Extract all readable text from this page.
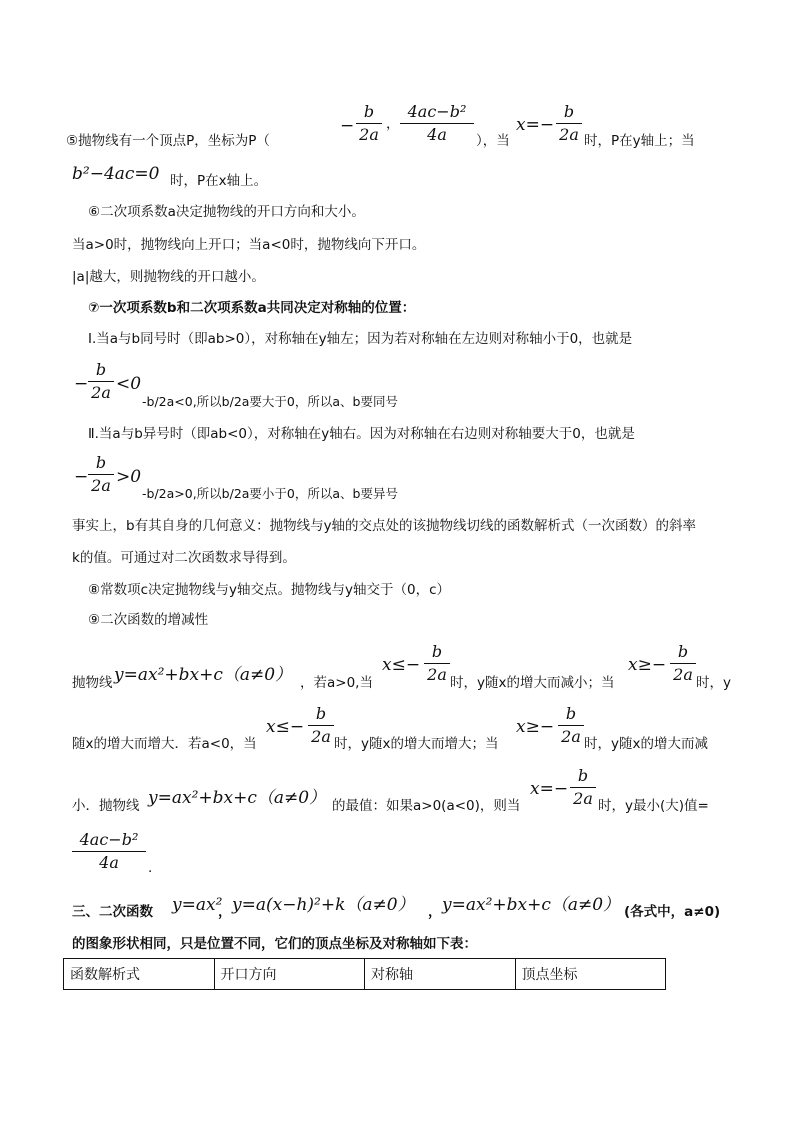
⑤抛物线有一个顶点P，坐标为P（
− $\frac{b}{2a}$ ， $\frac{\text{4ac−b²}}{4a}$ ），当
$x=- \frac{b}{2a}$ 时，P在y轴上；当
b²−4ac=0 时，P在x轴上。
⑥二次项系数a决定抛物线的开口方向和大小。
当a>0时，抛物线向上开口；当a<0时，抛物线向下开口。
|a|越大，则抛物线的开口越小。
⑦一次项系数b和二次项系数a共同决定对称轴的位置：
Ⅰ.当a与b同号时（即ab>0），对称轴在y轴左；因为若对称轴在左边则对称轴小于0，也就是
− $\frac{b}{2a} <0$
-b/2a<0,所以b/2a要大于0，所以a、b要同号
Ⅱ.当a与b异号时（即ab<0），对称轴在y轴右。因为对称轴在右边则对称轴要大于0，也就是
− $\frac{b}{2a} >0$
-b/2a>0,所以b/2a要小于0，所以a、b要异号
事实上，b有其自身的几何意义：抛物线与y轴的交点处的该抛物线切线的函数解析式（一次函数）的斜率
k的值。可通过对二次函数求导得到。
⑧常数项c决定抛物线与y轴交点。抛物线与y轴交于（0，c）
⑨二次函数的增减性
抛物线 y=ax²+bx+c（a≠0） ，若a>0,当
$x\le- \frac{b}{2a}$ 时，y随x的增大而减小；当
$x\ge- \frac{b}{2a}$ 时，y
随x的增大而增大．若a<0，当
$x\le- \frac{b}{2a}$ 时，y随x的增大而增大；当
$x\ge- \frac{b}{2a}$ 时，y随x的增大而减
小．抛物线 y=ax²+bx+c（a≠0） 的最值：如果a>0(a<0)，则当
$x=- \frac{b}{2a}$ 时，y最小(大)值=
$\frac{\text{4ac−b²}}{4a}$ .
三、二次函数 y=ax²
， y=a(x−h)²+k（a≠0） ， y=ax²+bx+c（a≠0） (各式中，a≠0)
的图象形状相同，只是位置不同，它们的顶点坐标及对称轴如下表：
函数解析式	开口方向	对称轴	顶点坐标
